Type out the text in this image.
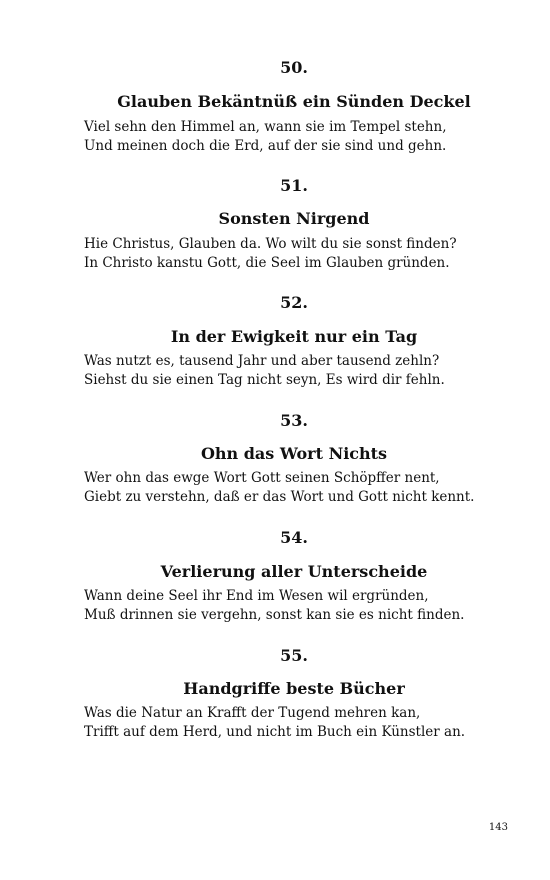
50.
Glauben Bekäntnüß ein Sünden Deckel
Viel sehn den Himmel an, wann sie im Tempel stehn,
Und meinen doch die Erd, auf der sie sind und gehn.
51.
Sonsten Nirgend
Hie Christus, Glauben da. Wo wilt du sie sonst finden?
In Christo kanstu Gott, die Seel im Glauben gründen.
52.
In der Ewigkeit nur ein Tag
Was nutzt es, tausend Jahr und aber tausend zehln?
Siehst du sie einen Tag nicht seyn, Es wird dir fehln.
53.
Ohn das Wort Nichts
Wer ohn das ewge Wort Gott seinen Schöpffer nent,
Giebt zu verstehn, daß er das Wort und Gott nicht kennt.
54.
Verlierung aller Unterscheide
Wann deine Seel ihr End im Wesen wil ergründen,
Muß drinnen sie vergehn, sonst kan sie es nicht finden.
55.
Handgriffe beste Bücher
Was die Natur an Krafft der Tugend mehren kan,
Trifft auf dem Herd, und nicht im Buch ein Künstler an.
143
